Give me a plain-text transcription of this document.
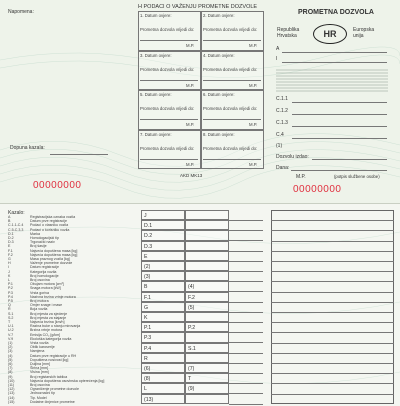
Napomena:
Dopuna kazala:
00000000
H PODACI O VAŽENJU PROMETNE DOZVOLE
1. Datum ovjere:
Prometna dozvola vrijedi do:
M.P.
2. Datum ovjere:
Prometna dozvola vrijedi do:
M.P.
3. Datum ovjere:
Prometna dozvola vrijedi do:
M.P.
4. Datum ovjere:
Prometna dozvola vrijedi do:
M.P.
5. Datum ovjere:
Prometna dozvola vrijedi do:
M.P.
6. Datum ovjere:
Prometna dozvola vrijedi do:
M.P.
7. Datum ovjere:
Prometna dozvola vrijedi do:
M.P.
8. Datum ovjere:
Prometna dozvola vrijedi do:
M.P.
AKD MK13
PROMETNA DOZVOLA
Republika
Hrvatska	HR	Europska
unija
A
I
C.1.1
C.1.2
C.1.3
C.4
(1)
Dozvolu izdao:
Dana:
M.P.	(potpis službene osobe)
00000000
Kazalo:
A	Registracijska oznaka vozila
B	Datum prve registracije
C.1.1-C.4 Podaci o vlasniku vozila
C.5-C.3.3 Podaci o korisniku vozila
D.1	Marka
D.2	Homologacijski tip
D.3	Trgovački naziv
E	Broj šasije
F.1	Najveća dopuštena masa [kg]
F.2	Najveća dopuštena masa [kg]
G	Masa praznog vozila [kg]
H	Važenje prometne dozvole
I	Datum registracije
J	Kategorija vozila
K	Broj homologacije
L	Broj osovina
P.1	Obujam motora [cm³]
P.2	Snaga motora [kW]
P.3	Vrsta goriva
P.4	Nazivna brzina vrtnje motora
P.5	Broj motora
Q	Omjer snage i mase
R	Boja vozila
S.1	Broj mjesta za sjedenje
S.2	Broj mjesta za stajanje
T	Najveća brzina [km/h]
U.1	Razina buke u stanju mirovanja
U.2	Brzina vrtnje motora
V.7	Emisija CO₂ [g/km]
V.9	Ekološka kategorija vozila
(1)	Vrsta vozila
(2)	Oblik karoserije
(3)	Namjena
(4)	Datum prve registracije u RH
(5)	Dopuštena nosivost [kg]
(6)	Duljina [mm]
(7)	Širina [mm]
(8)	Visina [mm]
(9)	Broj registarskih tablica
(10)	Najveća dopuštena osovinska opterećenja [kg]
(11)	Broj osovina
(12)	Ograničenje prometne dozvole
(13)	Jednoznačni tip
(14)	Tip. Model
(15)	Dodatne činjenice prometne
J
D.1
D.2
D.3
E
(2)
(3)
B	(4)
F.1	F.2
G	(5)
K
P.1	P.2
P.3
P.4	S.1
R
(6)	(7)
(8)	T
L	(9)
(13)
